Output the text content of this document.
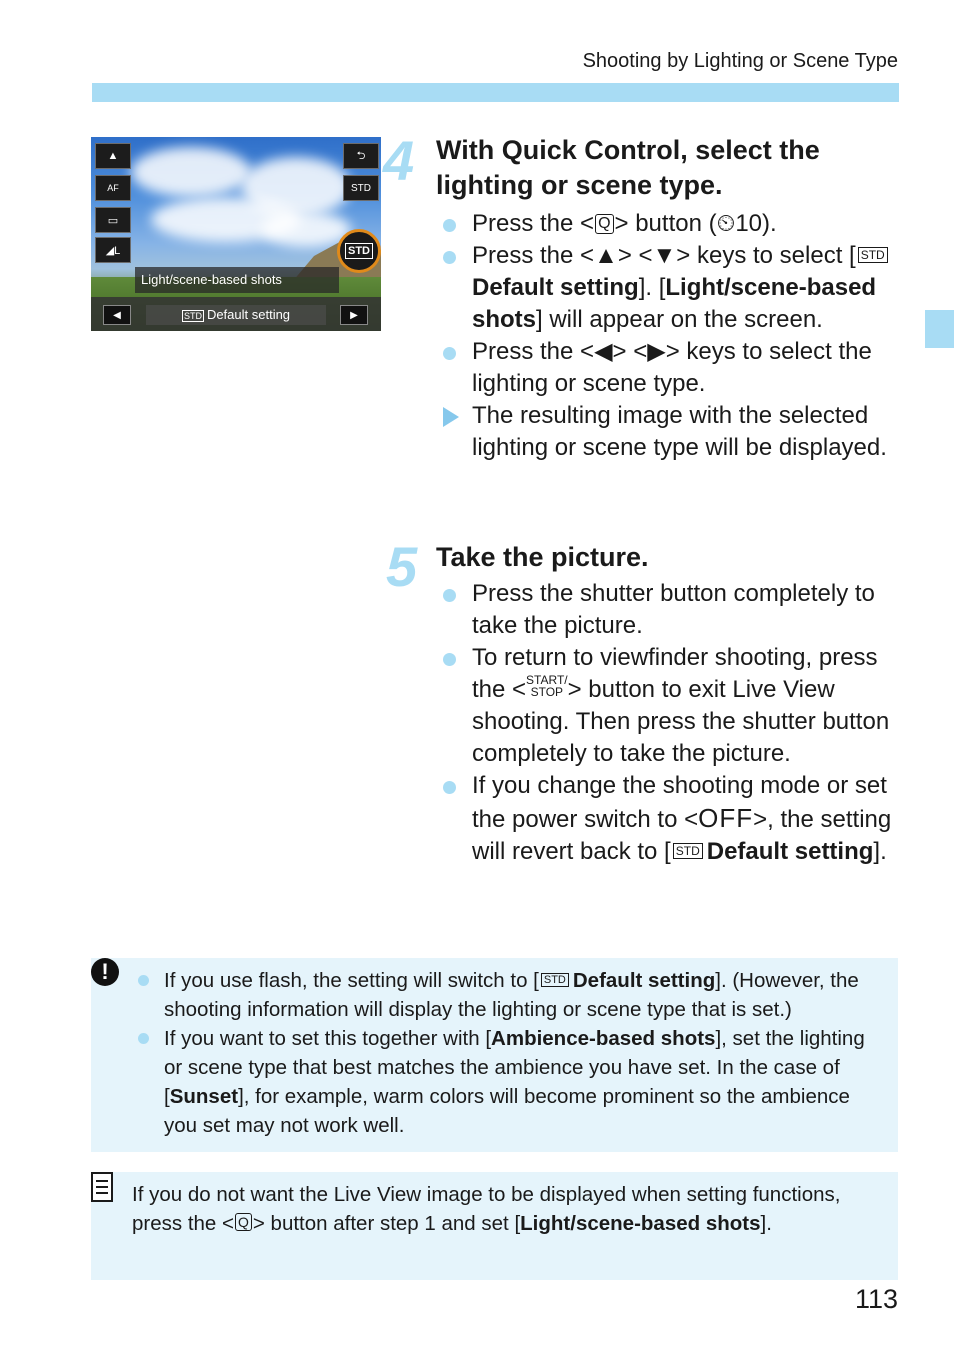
Shooting by Lighting or Scene Type
▲
AF
▭
◢L
⮌
STD
STD
Light/scene-based shots
◀	STD Default setting	▶
4 With Quick Control, select the lighting or scene type.
Press the < Q > button (⏲10).
Press the <▲> <▼> keys to select [ STDDefault setting]. [Light/scene-based shots] will appear on the screen.
Press the <◀> <▶> keys to select the lighting or scene type.
The resulting image with the selected lighting or scene type will be displayed.
5 Take the picture.
Press the shutter button completely to take the picture.
To return to viewfinder shooting, press the <START/
STOP > button to exit Live View shooting. Then press the shutter button completely to take the picture.
If you change the shooting mode or set the power switch to <OFF>, the setting will revert back to [ STD Default setting].
!	If you use flash, the setting will switch to [ STD Default setting]. (However, the shooting information will display the lighting or scene type that is set.)
If you want to set this together with [Ambience-based shots], set the lighting or scene type that best matches the ambience you have set. In the case of [Sunset], for example, warm colors will become prominent so the ambience you set may not work well.
If you do not want the Live View image to be displayed when setting functions, press the < Q > button after step 1 and set [Light/scene-based shots].
113
